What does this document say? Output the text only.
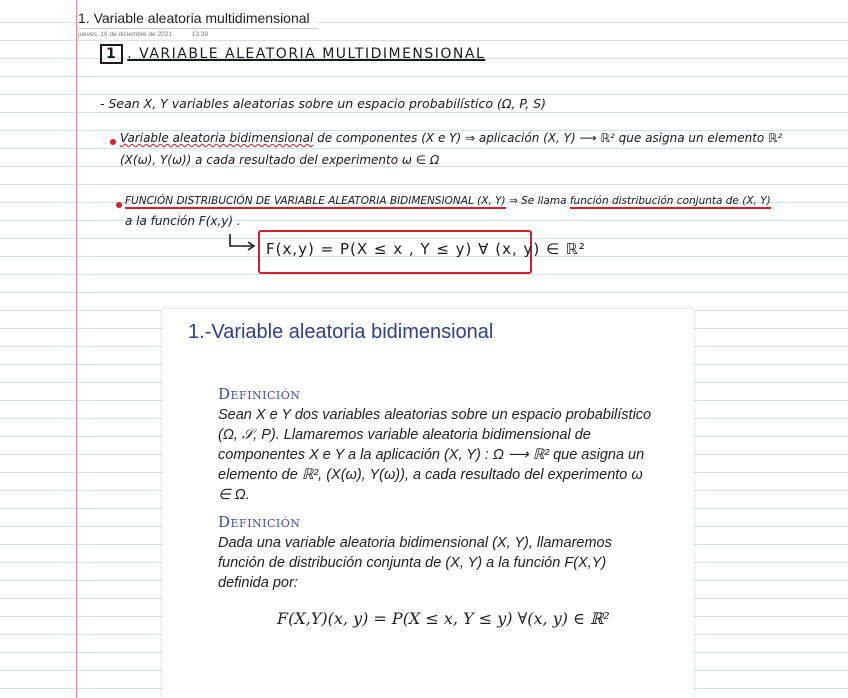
1. Variable aleatoria multidimensional
jueves, 16 de diciembre de 2021	13:39
1 . VARIABLE ALEATORIA MULTIDIMENSIONAL
- Sean X, Y variables aleatorias sobre un espacio probabilístico (Ω, P, S)
Variable aleatoria bidimensional de componentes (X e Y) ⇒ aplicación (X, Y) ⟶ ℝ² que asigna un elemento ℝ²
(X(ω), Y(ω)) a cada resultado del experimento ω ∈ Ω
FUNCIÓN DISTRIBUCIÓN DE VARIABLE ALEATORIA BIDIMENSIONAL (X, Y) ⇒ Se llama función distribución conjunta de (X, Y)
a la función F(x,y) .
F(x,y) = P(X ≤ x , Y ≤ y) ∀ (x, y) ∈ ℝ²
1.-Variable aleatoria bidimensional
Definición
Sean X e Y dos variables aleatorias sobre un espacio probabilístico (Ω, 𝒮, P). Llamaremos variable aleatoria bidimensional de componentes X e Y a la aplicación (X, Y) : Ω ⟶ ℝ² que asigna un elemento de ℝ², (X(ω), Y(ω)), a cada resultado del experimento ω ∈ Ω.
Definición
Dada una variable aleatoria bidimensional (X, Y), llamaremos función de distribución conjunta de (X, Y) a la función F(X,Y) definida por:
F(X,Y)(x, y) = P(X ≤ x, Y ≤ y) ∀(x, y) ∈ ℝ²
